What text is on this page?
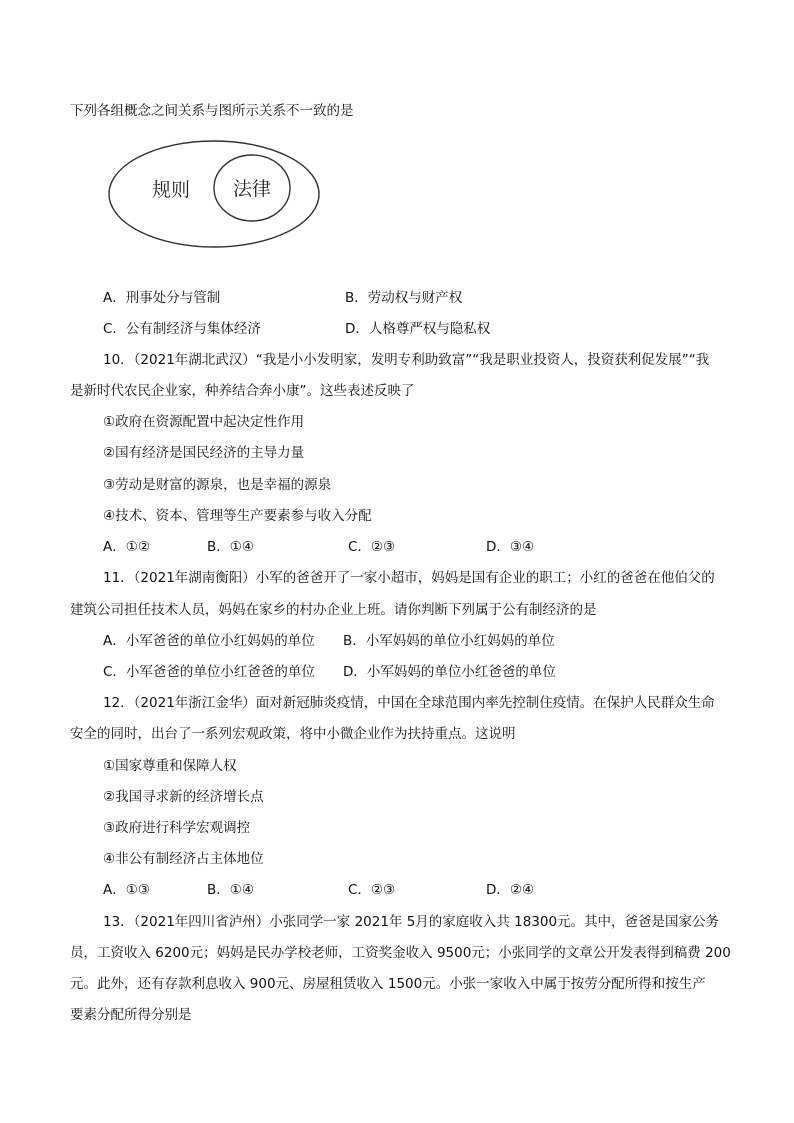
下列各组概念之间关系与图所示关系不一致的是
规则 法律
A．刑事处分与管制	B．劳动权与财产权
C．公有制经济与集体经济	D．人格尊严权与隐私权
10．（2021年湖北武汉）“我是小小发明家，发明专利助致富”“我是职业投资人，投资获利促发展”“我
是新时代农民企业家，种养结合奔小康”。这些表述反映了
①政府在资源配置中起决定性作用
②国有经济是国民经济的主导力量
③劳动是财富的源泉，也是幸福的源泉
④技术、资本、管理等生产要素参与收入分配
A．①②	B．①④	C．②③	D．③④
11．（2021年湖南衡阳）小军的爸爸开了一家小超市，妈妈是国有企业的职工；小红的爸爸在他伯父的
建筑公司担任技术人员，妈妈在家乡的村办企业上班。请你判断下列属于公有制经济的是
A．小军爸爸的单位小红妈妈的单位 B．小军妈妈的单位小红妈妈的单位
C．小军爸爸的单位小红爸爸的单位 D．小军妈妈的单位小红爸爸的单位
12．（2021年浙江金华）面对新冠肺炎疫情，中国在全球范围内率先控制住疫情。在保护人民群众生命
安全的同时，出台了一系列宏观政策，将中小微企业作为扶持重点。这说明
①国家尊重和保障人权
②我国寻求新的经济增长点
③政府进行科学宏观调控
④非公有制经济占主体地位
A．①③	B．①④	C．②③	D．②④
13．（2021年四川省泸州）小张同学一家 2021年 5月的家庭收入共 18300元。其中，爸爸是国家公务
员，工资收入 6200元；妈妈是民办学校老师，工资奖金收入 9500元；小张同学的文章公开发表得到稿费 200
元。此外，还有存款利息收入 900元、房屋租赁收入 1500元。小张一家收入中属于按劳分配所得和按生产
要素分配所得分别是
